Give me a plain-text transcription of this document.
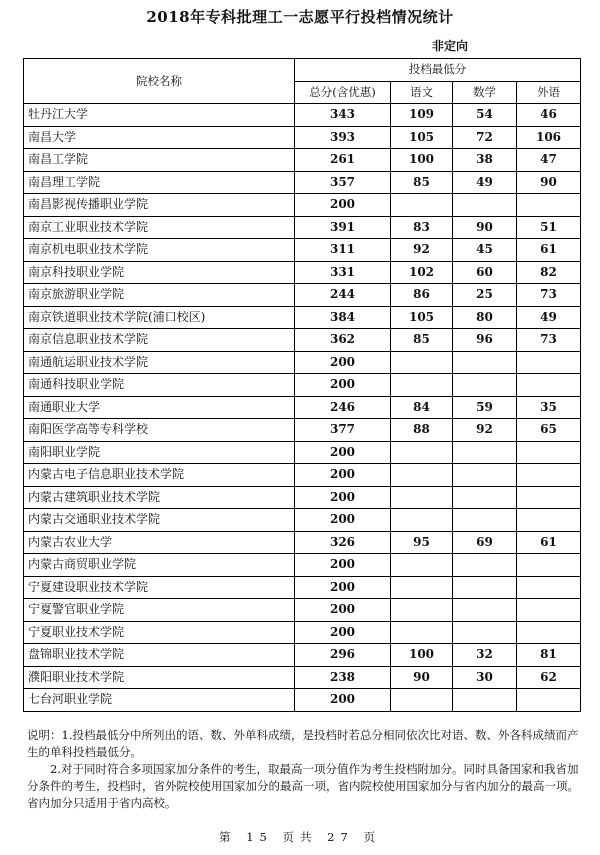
2018年专科批理工一志愿平行投档情况统计
非定向
院校名称	投档最低分			
	总分(含优惠)	语文	数学	外语
牡丹江大学	343	109	54	46
南昌大学	393	105	72	106
南昌工学院	261	100	38	47
南昌理工学院	357	85	49	90
南昌影视传播职业学院	200			
南京工业职业技术学院	391	83	90	51
南京机电职业技术学院	311	92	45	61
南京科技职业学院	331	102	60	82
南京旅游职业学院	244	86	25	73
南京铁道职业技术学院(浦口校区)	384	105	80	49
南京信息职业技术学院	362	85	96	73
南通航运职业技术学院	200			
南通科技职业学院	200			
南通职业大学	246	84	59	35
南阳医学高等专科学校	377	88	92	65
南阳职业学院	200			
内蒙古电子信息职业技术学院	200			
内蒙古建筑职业技术学院	200			
内蒙古交通职业技术学院	200			
内蒙古农业大学	326	95	69	61
内蒙古商贸职业学院	200			
宁夏建设职业技术学院	200			
宁夏警官职业学院	200			
宁夏职业技术学院	200			
盘锦职业技术学院	296	100	32	81
濮阳职业技术学院	238	90	30	62
七台河职业学院	200			

说明：1.投档最低分中所列出的语、数、外单科成绩，是投档时若总分相同依次比对语、数、外各科成绩而产生的单科投档最低分。

2.对于同时符合多项国家加分条件的考生，取最高一项分值作为考生投档附加分。同时具备国家和我省加分条件的考生，投档时，省外院校使用国家加分的最高一项，省内院校使用国家加分与省内加分的最高一项。省内加分只适用于省内高校。

第 15 页共 27 页
